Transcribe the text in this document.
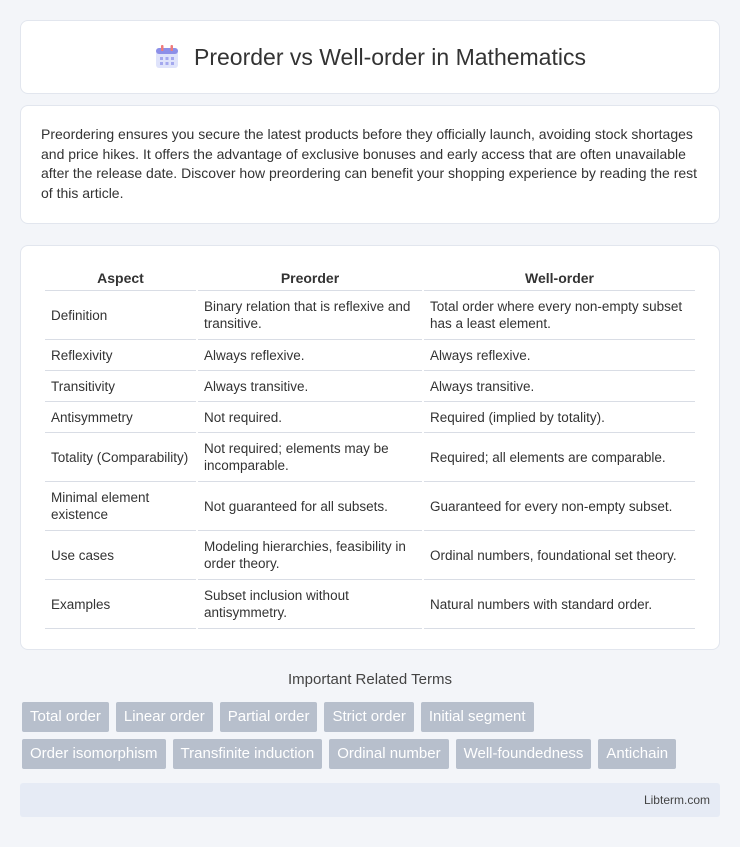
Preorder vs Well-order in Mathematics

Preordering ensures you secure the latest products before they officially launch, avoiding stock shortages and price hikes. It offers the advantage of exclusive bonuses and early access that are often unavailable after the release date. Discover how preordering can benefit your shopping experience by reading the rest of this article.

Aspect	Preorder	Well-order
Definition	Binary relation that is reflexive and transitive.	Total order where every non-empty subset has a least element.
Reflexivity	Always reflexive.	Always reflexive.
Transitivity	Always transitive.	Always transitive.
Antisymmetry	Not required.	Required (implied by totality).
Totality (Comparability)	Not required; elements may be incomparable.	Required; all elements are comparable.
Minimal element existence	Not guaranteed for all subsets.	Guaranteed for every non-empty subset.
Use cases	Modeling hierarchies, feasibility in order theory.	Ordinal numbers, foundational set theory.
Examples	Subset inclusion without antisymmetry.	Natural numbers with standard order.
Important Related Terms
Total order	Linear order	Partial order	Strict order	Initial segment
Order isomorphism	Transfinite induction	Ordinal number	Well-foundedness	Antichain
Libterm.com
